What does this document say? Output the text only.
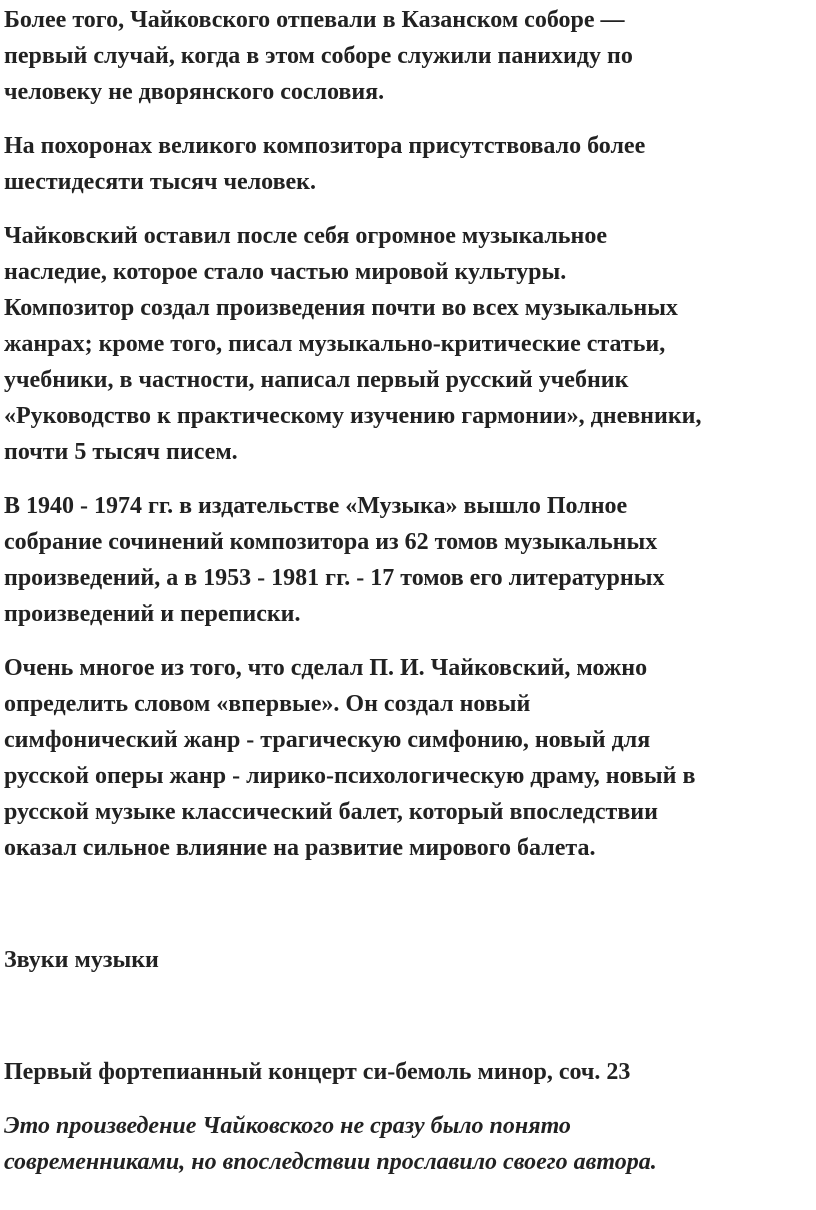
Более того, Чайковского отпевали в Казанском соборе —
первый случай, когда в этом соборе служили панихиду по
человеку не дворянского сословия.
На похоронах великого композитора присутствовало более
шестидесяти тысяч человек.
Чайковский оставил после себя огромное музыкальное
наследие, которое стало частью мировой культуры.
Композитор создал произведения почти во всех музыкальных
жанрах; кроме того, писал музыкально-критические статьи,
учебники, в частности, написал первый русский учебник
«Руководство к практическому изучению гармонии», дневники,
почти 5 тысяч писем.
В 1940 - 1974 гг. в издательстве «Музыка» вышло Полное
собрание сочинений композитора из 62 томов музыкальных
произведений, а в 1953 - 1981 гг. - 17 томов его литературных
произведений и переписки.
Очень многое из того, что сделал П. И. Чайковский, можно
определить словом «впервые». Он создал новый
симфонический жанр - трагическую симфонию, новый для
русской оперы жанр - лирико-психологическую драму, новый в
русской музыке классический балет, который впоследствии
оказал сильное влияние на развитие мирового балета.
Звуки музыки
Первый фортепианный концерт си-бемоль минор, соч. 23
Это произведение Чайковского не сразу было понято
современниками, но впоследствии прославило своего автора.
